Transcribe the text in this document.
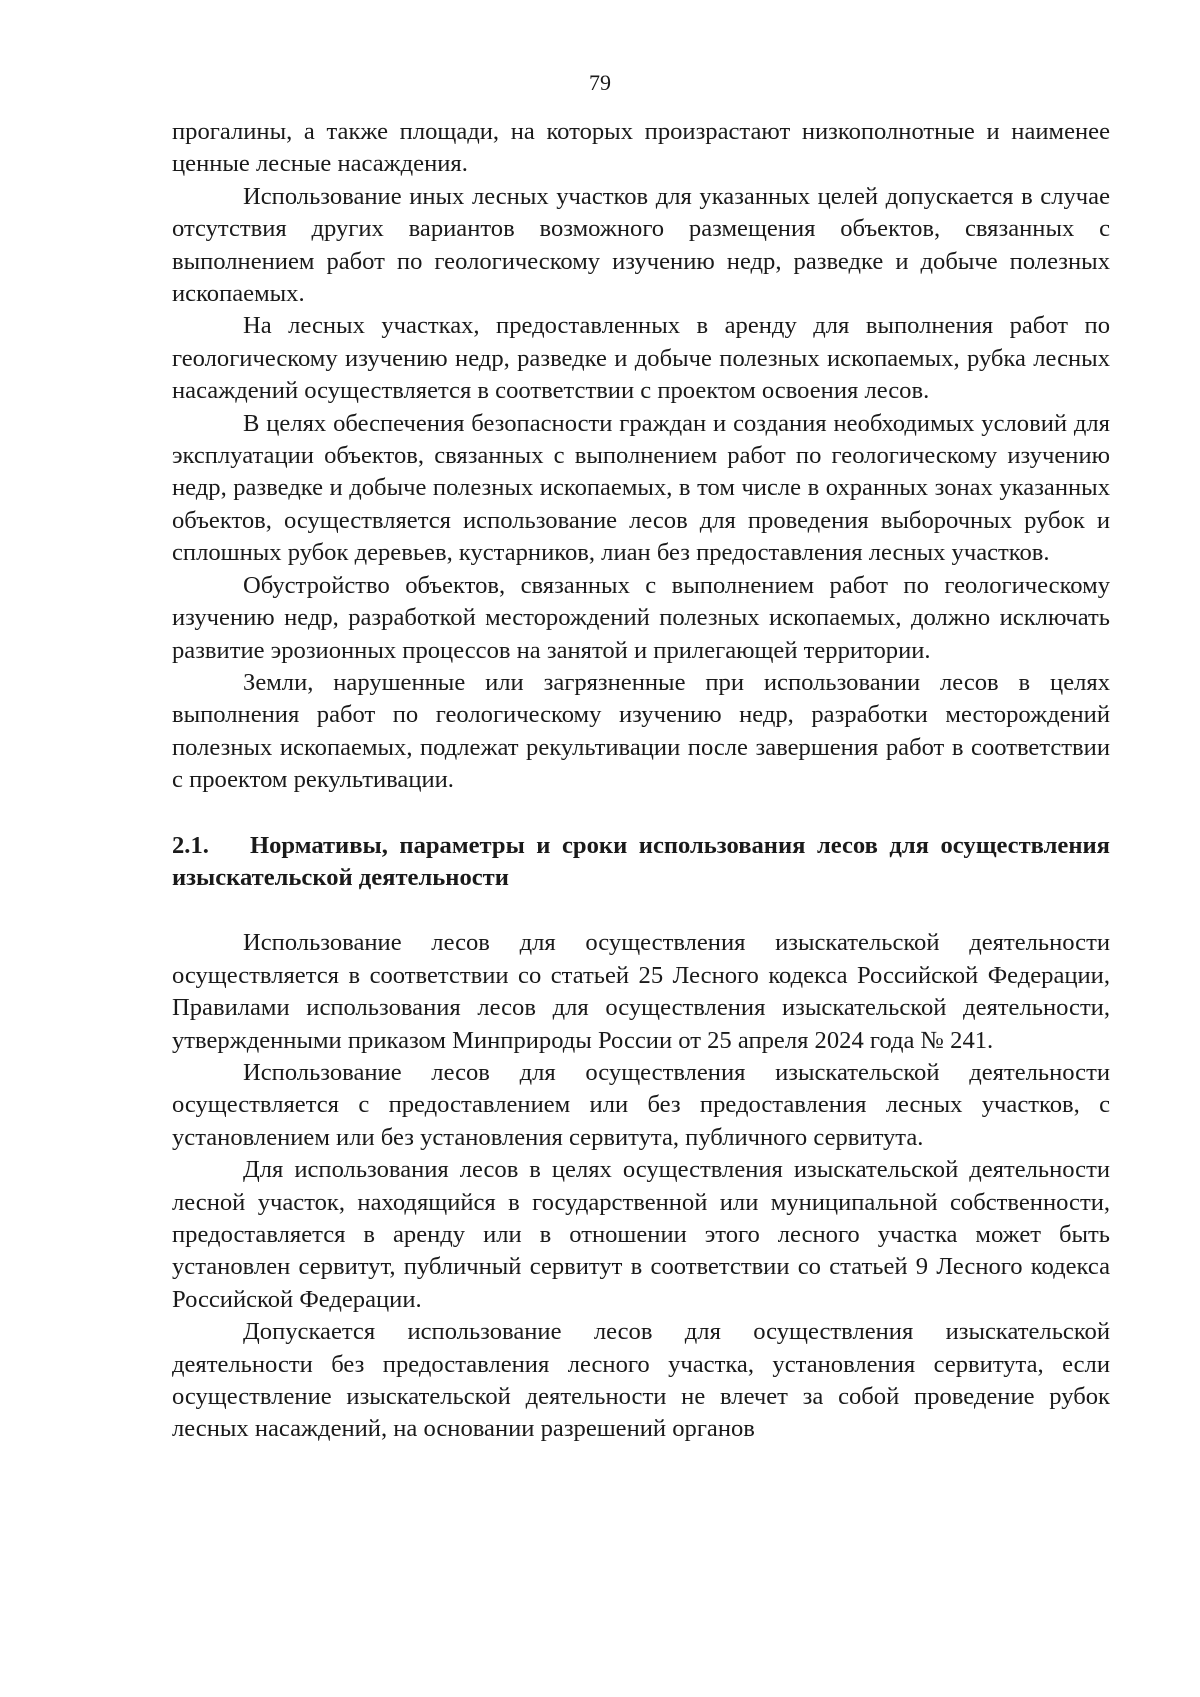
79

прогалины, а также площади, на которых произрастают низкополнотные и наименее ценные лесные насаждения.

Использование иных лесных участков для указанных целей допускается в случае отсутствия других вариантов возможного размещения объектов, связанных с выполнением работ по геологическому изучению недр, разведке и добыче полезных ископаемых.

На лесных участках, предоставленных в аренду для выполнения работ по геологическому изучению недр, разведке и добыче полезных ископаемых, рубка лесных насаждений осуществляется в соответствии с проектом освоения лесов.

В целях обеспечения безопасности граждан и создания необходимых условий для эксплуатации объектов, связанных с выполнением работ по геологическому изучению недр, разведке и добыче полезных ископаемых, в том числе в охранных зонах указанных объектов, осуществляется использование лесов для проведения выборочных рубок и сплошных рубок деревьев, кустарников, лиан без предоставления лесных участков.

Обустройство объектов, связанных с выполнением работ по геологическому изучению недр, разработкой месторождений полезных ископаемых, должно исключать развитие эрозионных процессов на занятой и прилегающей территории.

Земли, нарушенные или загрязненные при использовании лесов в целях выполнения работ по геологическому изучению недр, разработки месторождений полезных ископаемых, подлежат рекультивации после завершения работ в соответствии с проектом рекультивации.

2.1. Нормативы, параметры и сроки использования лесов для осуществления изыскательской деятельности

Использование лесов для осуществления изыскательской деятельности осуществляется в соответствии со статьей 25 Лесного кодекса Российской Федерации, Правилами использования лесов для осуществления изыскательской деятельности, утвержденными приказом Минприроды России от 25 апреля 2024 года № 241.

Использование лесов для осуществления изыскательской деятельности осуществляется с предоставлением или без предоставления лесных участков, с установлением или без установления сервитута, публичного сервитута.

Для использования лесов в целях осуществления изыскательской деятельности лесной участок, находящийся в государственной или муниципальной собственности, предоставляется в аренду или в отношении этого лесного участка может быть установлен сервитут, публичный сервитут в соответствии со статьей 9 Лесного кодекса Российской Федерации.

Допускается использование лесов для осуществления изыскательской деятельности без предоставления лесного участка, установления сервитута, если осуществление изыскательской деятельности не влечет за собой проведение рубок лесных насаждений, на основании разрешений органов
